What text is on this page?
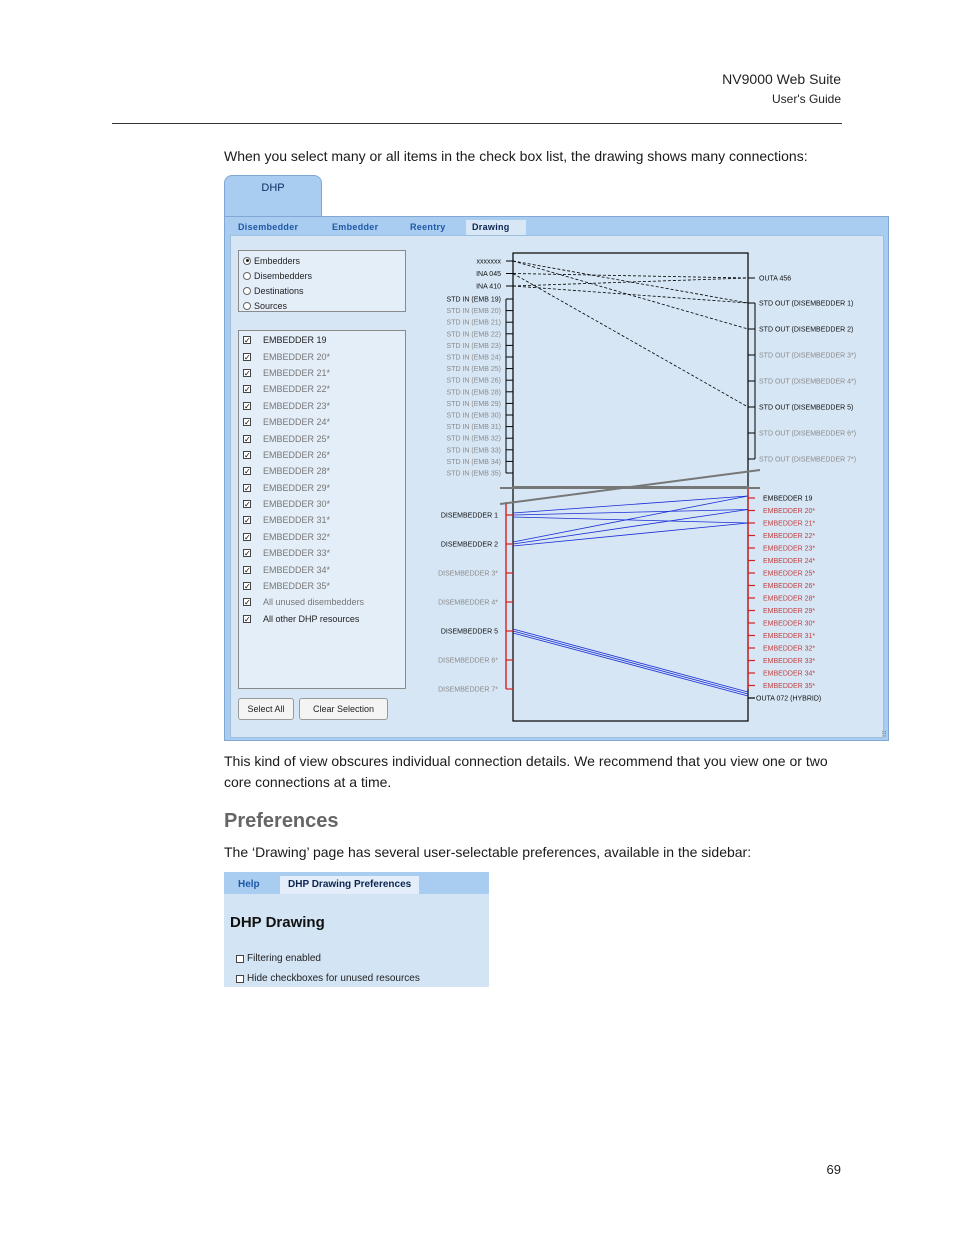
NV9000 Web Suite
User's Guide
When you select many or all items in the check box list, the drawing shows many connections:
DHP
Disembedder	Embedder	Reentry	Drawing
Embedders
Disembedders
Destinations
Sources
✓ EMBEDDER 19
✓ EMBEDDER 20*
✓ EMBEDDER 21*
✓ EMBEDDER 22*
✓ EMBEDDER 23*
✓ EMBEDDER 24*
✓ EMBEDDER 25*
✓ EMBEDDER 26*
✓ EMBEDDER 28*
✓ EMBEDDER 29*
✓ EMBEDDER 30*
✓ EMBEDDER 31*
✓ EMBEDDER 32*
✓ EMBEDDER 33*
✓ EMBEDDER 34*
✓ EMBEDDER 35*
✓ All unused disembedders
✓ All other DHP resources
Select All	Clear Selection
xxxxxxx
INA 045
INA 410
STD IN (EMB 19)
STD IN (EMB 20)
STD IN (EMB 21)
STD IN (EMB 22)
STD IN (EMB 23)
STD IN (EMB 24)
STD IN (EMB 25)
STD IN (EMB 26)
STD IN (EMB 28)
STD IN (EMB 29)
STD IN (EMB 30)
STD IN (EMB 31)
STD IN (EMB 32)
STD IN (EMB 33)
STD IN (EMB 34)
STD IN (EMB 35)
OUTA 456
STD OUT (DISEMBEDDER 1)
STD OUT (DISEMBEDDER 2)
STD OUT (DISEMBEDDER 3*)
STD OUT (DISEMBEDDER 4*)
STD OUT (DISEMBEDDER 5)
STD OUT (DISEMBEDDER 6*)
STD OUT (DISEMBEDDER 7*)
DISEMBEDDER 1
DISEMBEDDER 2
DISEMBEDDER 3*
DISEMBEDDER 4*
DISEMBEDDER 5
DISEMBEDDER 6*
DISEMBEDDER 7*
EMBEDDER 19
EMBEDDER 20*
EMBEDDER 21*
EMBEDDER 22*
EMBEDDER 23*
EMBEDDER 24*
EMBEDDER 25*
EMBEDDER 26*
EMBEDDER 28*
EMBEDDER 29*
EMBEDDER 30*
EMBEDDER 31*
EMBEDDER 32*
EMBEDDER 33*
EMBEDDER 34*
EMBEDDER 35*
OUTA 072 (HYBRID)
⠿
This kind of view obscures individual connection details. We recommend that you view one or two core connections at a time.
Preferences
The ‘Drawing’ page has several user-selectable preferences, available in the sidebar:
Help	DHP Drawing Preferences
DHP Drawing
Filtering enabled
Hide checkboxes for unused resources
69
